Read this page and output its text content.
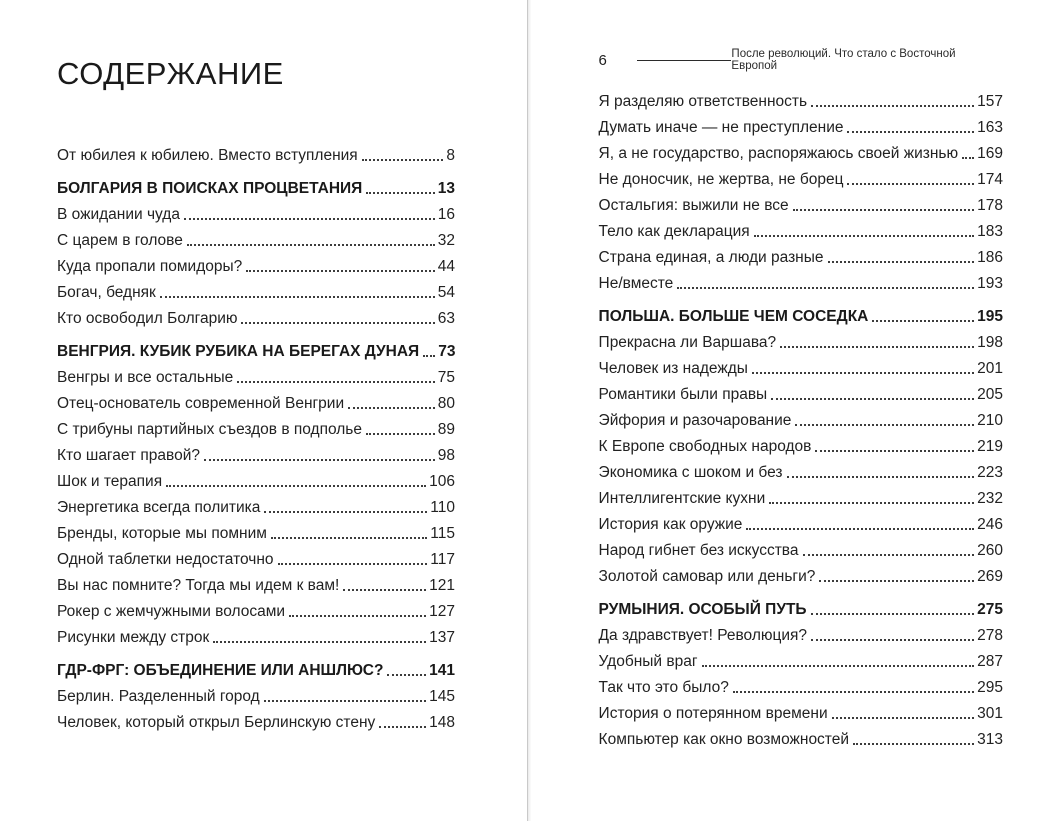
СОДЕРЖАНИЕ
От юбилея к юбилею. Вместо вступления	8
БОЛГАРИЯ В ПОИСКАХ ПРОЦВЕТАНИЯ	13
В ожидании чуда	16
С царем в голове	32
Куда пропали помидоры?	44
Богач, бедняк	54
Кто освободил Болгарию	63
ВЕНГРИЯ. КУБИК РУБИКА НА БЕРЕГАХ ДУНАЯ 73
Венгры и все остальные	75
Отец-основатель современной Венгрии	80
С трибуны партийных съездов в подполье	89
Кто шагает правой?	98
Шок и терапия	106
Энергетика всегда политика	110
Бренды, которые мы помним	115
Одной таблетки недостаточно	117
Вы нас помните? Тогда мы идем к вам!	121
Рокер с жемчужными волосами	127
Рисунки между строк	137
ГДР-ФРГ: ОБЪЕДИНЕНИЕ ИЛИ АНШЛЮС?	141
Берлин. Разделенный город	145
Человек, который открыл Берлинскую стену	148
6	После революций. Что стало с Восточной Европой
Я разделяю ответственность	157
Думать иначе — не преступление	163
Я, а не государство, распоряжаюсь своей жизнью 169
Не доносчик, не жертва, не борец	174
Остальгия: выжили не все	178
Тело как декларация	183
Страна единая, а люди разные	186
Не/вместе	193
ПОЛЬША. БОЛЬШЕ ЧЕМ СОСЕДКА	195
Прекрасна ли Варшава?	198
Человек из надежды	201
Романтики были правы	205
Эйфория и разочарование	210
К Европе свободных народов	219
Экономика с шоком и без	223
Интеллигентские кухни	232
История как оружие	246
Народ гибнет без искусства	260
Золотой самовар или деньги?	269
РУМЫНИЯ. ОСОБЫЙ ПУТЬ	275
Да здравствует! Революция?	278
Удобный враг	287
Так что это было?	295
История о потерянном времени	301
Компьютер как окно возможностей	313
